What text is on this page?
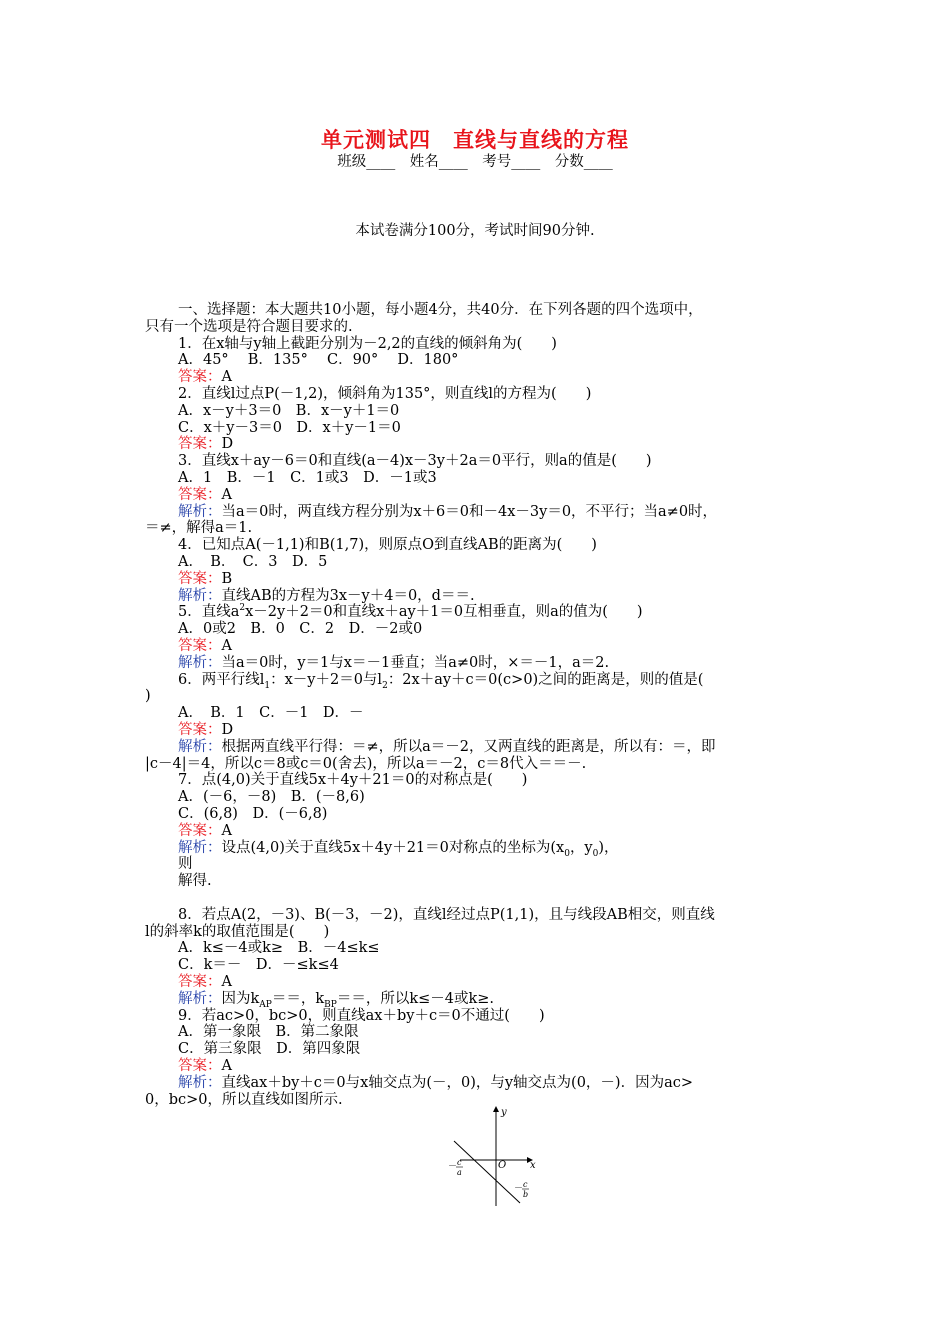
单元测试四　直线与直线的方程
班级____　姓名____　考号____　分数____
本试卷满分100分，考试时间90分钟.
一、选择题：本大题共10小题，每小题4分，共40分．在下列各题的四个选项中，
只有一个选项是符合题目要求的.
1．在x轴与y轴上截距分别为－2,2的直线的倾斜角为(　　)
A．45°　 B．135°　 C．90°　 D．180°
答案：A
2．直线l过点P(－1,2)，倾斜角为135°，则直线l的方程为(　　)
A．x－y＋3＝0　B．x－y＋1＝0
C．x＋y－3＝0　D．x＋y－1＝0
答案：D
3．直线x＋ay－6＝0和直线(a－4)x－3y＋2a＝0平行，则a的值是(　　)
A．1　B．－1　C．1或3　D．－1或3
答案：A
解析：当a＝0时，两直线方程分别为x＋6＝0和－4x－3y＝0，不平行；当a≠0时，
＝≠，解得a＝1.
4．已知点A(－1,1)和B(1,7)，则原点O到直线AB的距离为(　　)
A．　B．　C．3　D．5
答案：B
解析：直线AB的方程为3x－y＋4＝0，d＝＝.
5．直线$a^2x-2y+2=0$和直线x＋ay＋1＝0互相垂直，则a的值为(　　)
A．0或2　B．0　C．2　D．－2或0
答案：A
解析：当a＝0时，y＝1与x＝－1垂直；当a≠0时，×＝－1，a＝2.
6．两平行线$l_1$：x－y＋2＝0与$l_2$：2x＋ay＋c＝0(c>0)之间的距离是，则的值是(
)
A．　B．1　C．－1　D．－
答案：D
解析：根据两直线平行得：＝≠，所以a＝－2，又两直线的距离是，所以有：＝，即
|c－4|＝4，所以c＝8或c＝0(舍去)，所以a＝－2，c＝8代入＝＝－.
7．点(4,0)关于直线5x＋4y＋21＝0的对称点是(　　)
A．(－6，－8)　B．(－8,6)
C．(6,8)　D．(－6,8)
答案：A
解析：设点(4,0)关于直线5x＋4y＋21＝0对称点的坐标为($x_0$，$y_0$)，
则
解得.
8．若点A(2，－3)、B(－3，－2)，直线l经过点P(1,1)，且与线段AB相交，则直线
l的斜率k的取值范围是(　　)
A．k≤－4或k≥　B．－4≤k≤
C．k＝－　D．－≤k≤4
答案：A
解析：因为$k_{AP}==$，$k_{BP}==$，所以k≤－4或k≥.
9．若ac>0，bc>0，则直线ax＋by＋c＝0不通过(　　)
A．第一象限　B．第二象限
C．第三象限　D．第四象限
答案：A
解析：直线ax＋by＋c＝0与x轴交点为(－，0)，与y轴交点为(0，－)．因为ac>
0，bc>0，所以直线如图所示.
y
x
O
－ c
a
－ c
b
